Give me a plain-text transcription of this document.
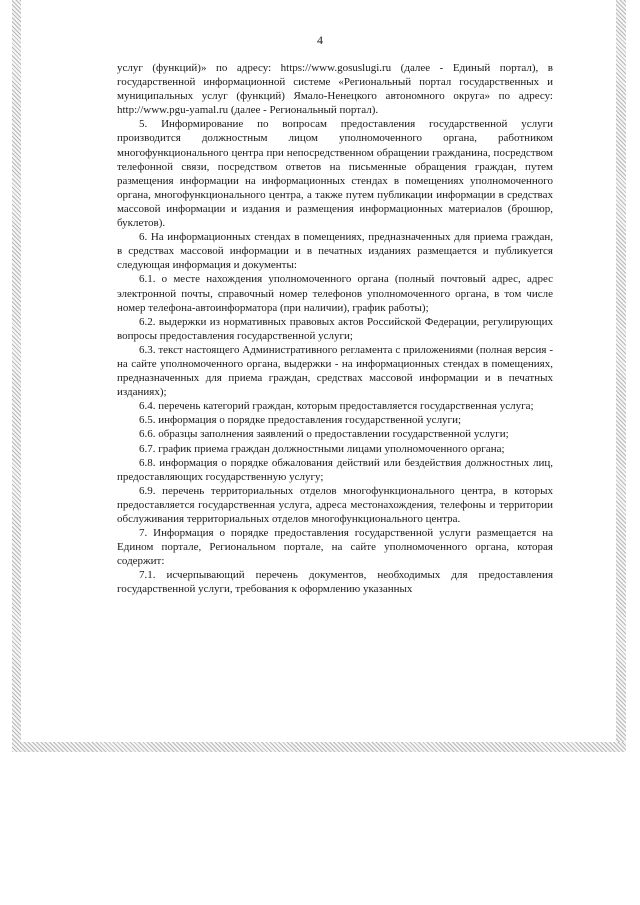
4

услуг (функций)» по адресу: https://www.gosuslugi.ru (далее - Единый портал), в государственной информационной системе «Региональный портал государственных и муниципальных услуг (функций) Ямало-Ненецкого автономного округа» по адресу: http://www.pgu-yamal.ru (далее - Региональный портал).

5. Информирование по вопросам предоставления государственной услуги производится должностным лицом уполномоченного органа, работником многофункционального центра при непосредственном обращении гражданина, посредством телефонной связи, посредством ответов на письменные обращения граждан, путем размещения информации на информационных стендах в помещениях уполномоченного органа, многофункционального центра, а также путем публикации информации в средствах массовой информации и издания и размещения информационных материалов (брошюр, буклетов).

6. На информационных стендах в помещениях, предназначенных для приема граждан, в средствах массовой информации и в печатных изданиях размещается и публикуется следующая информация и документы:

6.1. о месте нахождения уполномоченного органа (полный почтовый адрес, адрес электронной почты, справочный номер телефонов уполномоченного органа, в том числе номер телефона-автоинформатора (при наличии), график работы);

6.2. выдержки из нормативных правовых актов Российской Федерации, регулирующих вопросы предоставления государственной услуги;

6.3. текст настоящего Административного регламента с приложениями (полная версия - на сайте уполномоченного органа, выдержки - на информационных стендах в помещениях, предназначенных для приема граждан, средствах массовой информации и в печатных изданиях);

6.4. перечень категорий граждан, которым предоставляется государственная услуга;

6.5. информация о порядке предоставления государственной услуги;

6.6. образцы заполнения заявлений о предоставлении государственной услуги;

6.7. график приема граждан должностными лицами уполномоченного органа;

6.8. информация о порядке обжалования действий или бездействия должностных лиц, предоставляющих государственную услугу;

6.9. перечень территориальных отделов многофункционального центра, в которых предоставляется государственная услуга, адреса местонахождения, телефоны и территории обслуживания территориальных отделов многофункционального центра.

7. Информация о порядке предоставления государственной услуги размещается на Едином портале, Региональном портале, на сайте уполномоченного органа, которая содержит:

7.1. исчерпывающий перечень документов, необходимых для предоставления государственной услуги, требования к оформлению указанных
